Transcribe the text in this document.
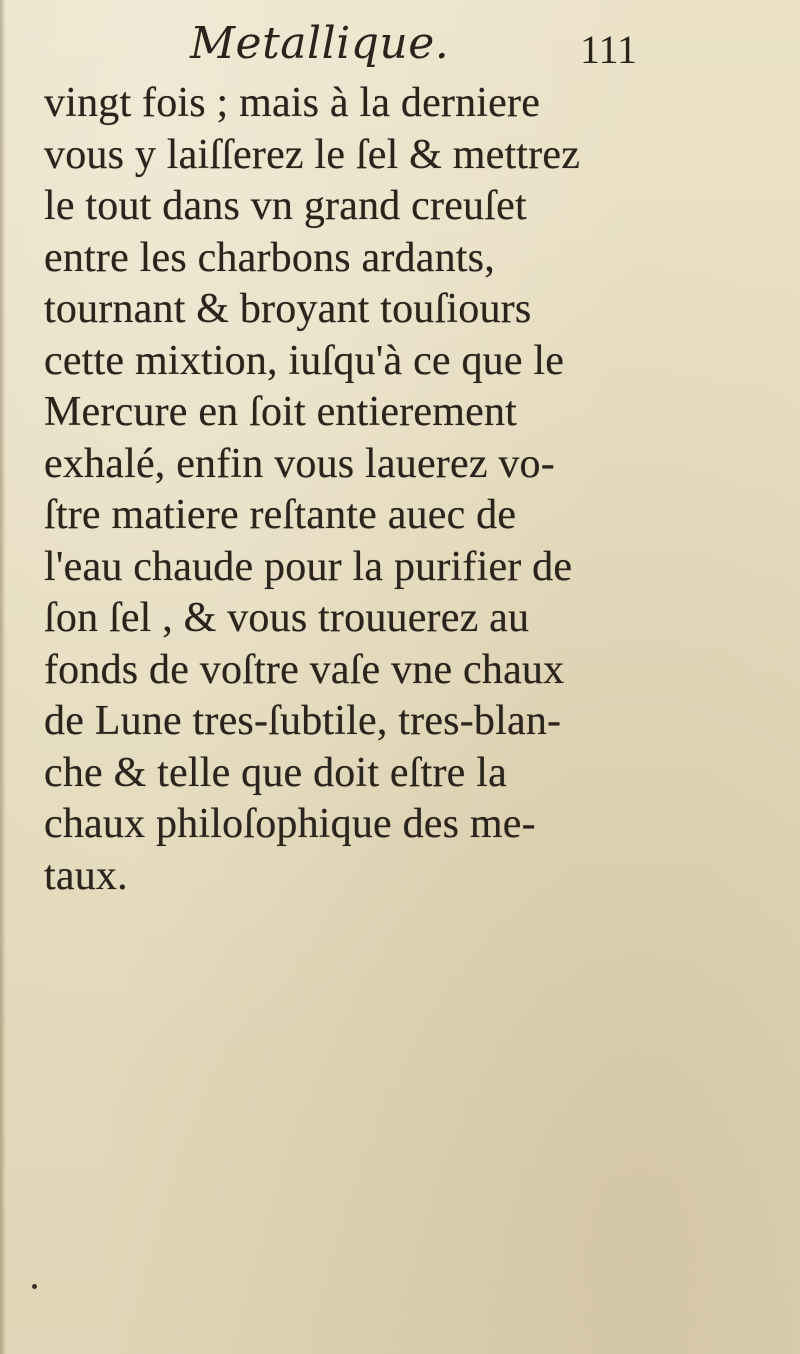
Metallique.	111
vingt fois ; mais à la derniere
vous y laiſſerez le ſel & mettrez
le tout dans vn grand creuſet
entre les charbons ardants,
tournant & broyant touſiours
cette mixtion, iuſqu'à ce que le
Mercure en ſoit entierement
exhalé, enfin vous lauerez vo-
ſtre matiere reſtante auec de
l'eau chaude pour la purifier de
ſon ſel , & vous trouuerez au
fonds de voſtre vaſe vne chaux
de Lune tres-ſubtile, tres-blan-
che & telle que doit eſtre la
chaux philoſophique des me-
taux.
